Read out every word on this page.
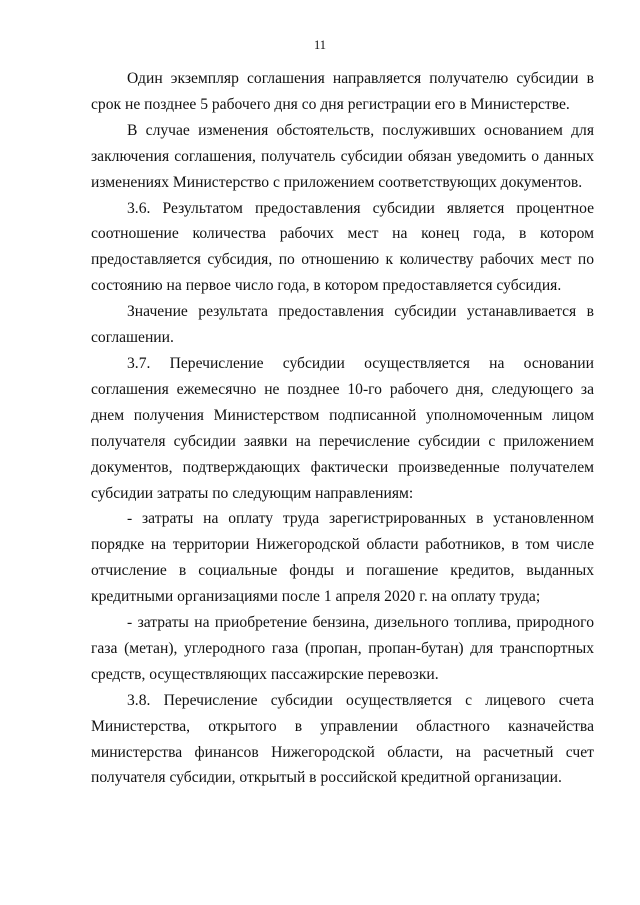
11

Один экземпляр соглашения направляется получателю субсидии в срок не позднее 5 рабочего дня со дня регистрации его в Министерстве.

В случае изменения обстоятельств, послуживших основанием для заключения соглашения, получатель субсидии обязан уведомить о данных изменениях Министерство с приложением соответствующих документов.

3.6. Результатом предоставления субсидии является процентное соотношение количества рабочих мест на конец года, в котором предоставляется субсидия, по отношению к количеству рабочих мест по состоянию на первое число года, в котором предоставляется субсидия.

Значение результата предоставления субсидии устанавливается в соглашении.

3.7. Перечисление субсидии осуществляется на основании соглашения ежемесячно не позднее 10-го рабочего дня, следующего за днем получения Министерством подписанной уполномоченным лицом получателя субсидии заявки на перечисление субсидии с приложением документов, подтверждающих фактически произведенные получателем субсидии затраты по следующим направлениям:

- затраты на оплату труда зарегистрированных в установленном порядке на территории Нижегородской области работников, в том числе отчисление в социальные фонды и погашение кредитов, выданных кредитными организациями после 1 апреля 2020 г. на оплату труда;

- затраты на приобретение бензина, дизельного топлива, природного газа (метан), углеродного газа (пропан, пропан-бутан) для транспортных средств, осуществляющих пассажирские перевозки.

3.8. Перечисление субсидии осуществляется с лицевого счета Министерства, открытого в управлении областного казначейства министерства финансов Нижегородской области, на расчетный счет получателя субсидии, открытый в российской кредитной организации.
